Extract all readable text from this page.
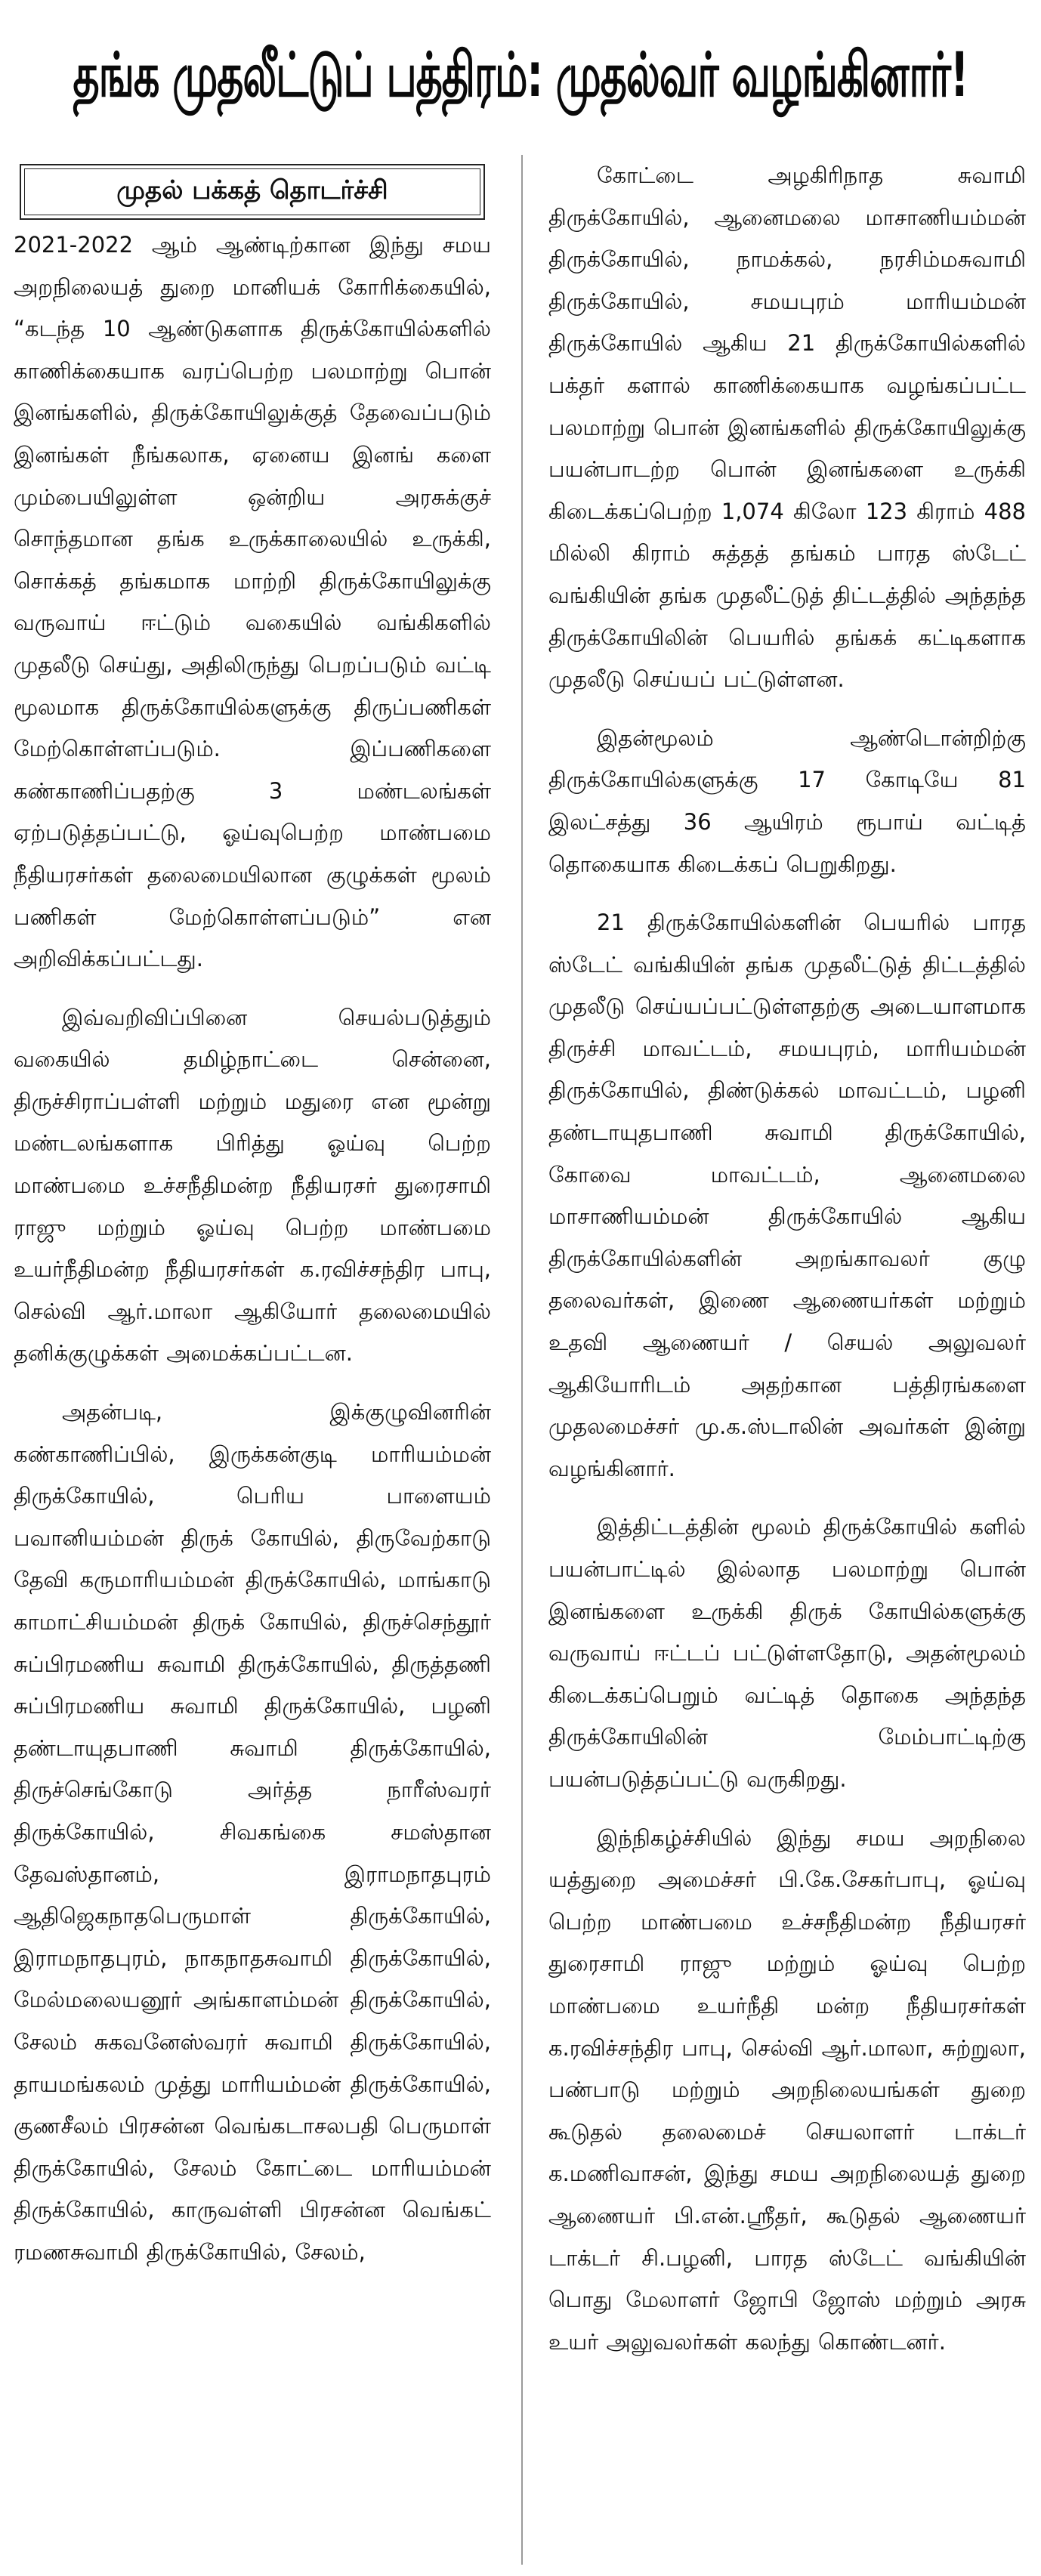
தங்க முதலீட்டுப் பத்திரம்: முதல்வர் வழங்கினார்!
முதல் பக்கத் தொடர்ச்சி

2021-2022 ஆம் ஆண்டிற்கான இந்து சமய அறநிலையத் துறை மானியக் கோரிக்கையில், “கடந்த 10 ஆண்டுகளாக திருக்கோயில்களில் காணிக்கையாக வரப்பெற்ற பலமாற்று பொன் இனங்களில், திருக்கோயிலுக்குத் தேவைப்படும் இனங்கள் நீங்கலாக, ஏனைய இனங் களை மும்பையிலுள்ள ஒன்றிய அரசுக்குச் சொந்தமான தங்க உருக்காலையில் உருக்கி, சொக்கத் தங்கமாக மாற்றி திருக்கோயிலுக்கு வருவாய் ஈட்டும் வகையில் வங்கிகளில் முதலீடு செய்து, அதிலிருந்து பெறப்படும் வட்டி மூலமாக திருக்கோயில்களுக்கு திருப்பணிகள் மேற்கொள்ளப்படும். இப்பணிகளை கண்காணிப்பதற்கு 3 மண்டலங்கள் ஏற்படுத்தப்பட்டு, ஓய்வுபெற்ற மாண்பமை நீதியரசர்கள் தலைமையிலான குழுக்கள் மூலம் பணிகள் மேற்கொள்ளப்படும்” என அறிவிக்கப்பட்டது.

இவ்வறிவிப்பினை செயல்படுத்தும் வகையில் தமிழ்நாட்டை சென்னை, திருச்சிராப்பள்ளி மற்றும் மதுரை என மூன்று மண்டலங்களாக பிரித்து ஓய்வு பெற்ற மாண்பமை உச்சநீதிமன்ற நீதியரசர் துரைசாமி ராஜு மற்றும் ஓய்வு பெற்ற மாண்பமை உயர்நீதிமன்ற நீதியரசர்கள் க.ரவிச்சந்திர பாபு, செல்வி ஆர்.மாலா ஆகியோர் தலைமையில் தனிக்குழுக்கள் அமைக்கப்பட்டன.

அதன்படி, இக்குழுவினரின் கண்காணிப்பில், இருக்கன்குடி மாரியம்மன் திருக்கோயில், பெரிய பாளையம் பவானியம்மன் திருக் கோயில், திருவேற்காடு தேவி கருமாரியம்மன் திருக்கோயில், மாங்காடு காமாட்சியம்மன் திருக் கோயில், திருச்செந்தூர் சுப்பிரமணிய சுவாமி திருக்கோயில், திருத்தணி சுப்பிரமணிய சுவாமி திருக்கோயில், பழனி தண்டாயுதபாணி சுவாமி திருக்கோயில், திருச்செங்கோடு அர்த்த நாரீஸ்வரர் திருக்கோயில், சிவகங்கை சமஸ்தான தேவஸ்தானம், இராமநாதபுரம் ஆதிஜெகநாதபெருமாள் திருக்கோயில், இராமநாதபுரம், நாகநாதசுவாமி திருக்கோயில், மேல்மலையனூர் அங்காளம்மன் திருக்கோயில், சேலம் சுகவனேஸ்வரர் சுவாமி திருக்கோயில், தாயமங்கலம் முத்து மாரியம்மன் திருக்கோயில், குணசீலம் பிரசன்ன வெங்கடாசலபதி பெருமாள் திருக்கோயில், சேலம் கோட்டை மாரியம்மன் திருக்கோயில், காருவள்ளி பிரசன்ன வெங்கட் ரமணசுவாமி திருக்கோயில், சேலம்,

கோட்டை அழகிரிநாத சுவாமி திருக்கோயில், ஆனைமலை மாசாணியம்மன் திருக்கோயில், நாமக்கல், நரசிம்மசுவாமி திருக்கோயில், சமயபுரம் மாரியம்மன் திருக்கோயில் ஆகிய 21 திருக்கோயில்களில் பக்தர் களால் காணிக்கையாக வழங்கப்பட்ட பலமாற்று பொன் இனங்களில் திருக்கோயிலுக்கு பயன்பாடற்ற பொன் இனங்களை உருக்கி கிடைக்கப்பெற்ற 1,074 கிலோ 123 கிராம் 488 மில்லி கிராம் சுத்தத் தங்கம் பாரத ஸ்டேட் வங்கியின் தங்க முதலீட்டுத் திட்டத்தில் அந்தந்த திருக்கோயிலின் பெயரில் தங்கக் கட்டிகளாக முதலீடு செய்யப் பட்டுள்ளன.

இதன்மூலம் ஆண்டொன்றிற்கு திருக்கோயில்களுக்கு 17 கோடியே 81 இலட்சத்து 36 ஆயிரம் ரூபாய் வட்டித் தொகையாக கிடைக்கப் பெறுகிறது.

21 திருக்கோயில்களின் பெயரில் பாரத ஸ்டேட் வங்கியின் தங்க முதலீட்டுத் திட்டத்தில் முதலீடு செய்யப்பட்டுள்ளதற்கு அடையாளமாக திருச்சி மாவட்டம், சமயபுரம், மாரியம்மன் திருக்கோயில், திண்டுக்கல் மாவட்டம், பழனி தண்டாயுதபாணி சுவாமி திருக்கோயில், கோவை மாவட்டம், ஆனைமலை மாசாணியம்மன் திருக்கோயில் ஆகிய திருக்கோயில்களின் அறங்காவலர் குழு தலைவர்கள், இணை ஆணையர்கள் மற்றும் உதவி ஆணையர் / செயல் அலுவலர் ஆகியோரிடம் அதற்கான பத்திரங்களை முதலமைச்சர் மு.க.ஸ்டாலின் அவர்கள் இன்று வழங்கினார்.

இத்திட்டத்தின் மூலம் திருக்கோயில் களில் பயன்பாட்டில் இல்லாத பலமாற்று பொன் இனங்களை உருக்கி திருக் கோயில்களுக்கு வருவாய் ஈட்டப் பட்டுள்ளதோடு, அதன்மூலம் கிடைக்கப்பெறும் வட்டித் தொகை அந்தந்த திருக்கோயிலின் மேம்பாட்டிற்கு பயன்படுத்தப்பட்டு வருகிறது.

இந்நிகழ்ச்சியில் இந்து சமய அறநிலை யத்துறை அமைச்சர் பி.கே.சேகர்பாபு, ஓய்வு பெற்ற மாண்பமை உச்சநீதிமன்ற நீதியரசர் துரைசாமி ராஜு மற்றும் ஓய்வு பெற்ற மாண்பமை உயர்நீதி மன்ற நீதியரசர்கள் க.ரவிச்சந்திர பாபு, செல்வி ஆர்.மாலா, சுற்றுலா, பண்பாடு மற்றும் அறநிலையங்கள் துறை கூடுதல் தலைமைச் செயலாளர் டாக்டர் க.மணிவாசன், இந்து சமய அறநிலையத் துறை ஆணையர் பி.என்.ஸ்ரீதர், கூடுதல் ஆணையர் டாக்டர் சி.பழனி, பாரத ஸ்டேட் வங்கியின் பொது மேலாளர் ஜோபி ஜோஸ் மற்றும் அரசு உயர் அலுவலர்கள் கலந்து கொண்டனர்.
